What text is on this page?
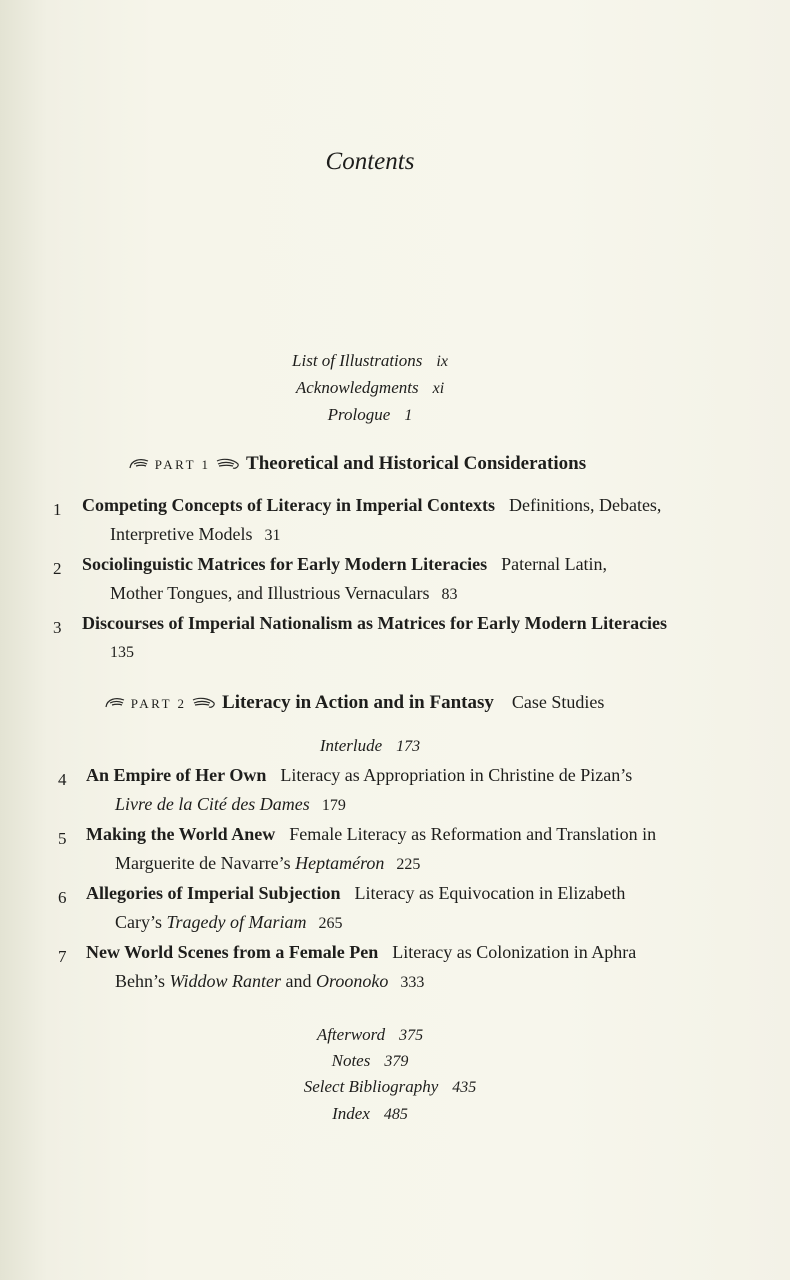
Contents
List of Illustrations ix
Acknowledgments xi
Prologue 1
PART 1 Theoretical and Historical Considerations
1 Competing Concepts of Literacy in Imperial Contexts Definitions, Debates,
Interpretive Models 31
2 Sociolinguistic Matrices for Early Modern Literacies Paternal Latin,
Mother Tongues, and Illustrious Vernaculars 83
3 Discourses of Imperial Nationalism as Matrices for Early Modern Literacies
135
PART 2 Literacy in Action and in Fantasy Case Studies
Interlude 173
4 An Empire of Her Own Literacy as Appropriation in Christine de Pizan’s
Livre de la Cité des Dames 179
5 Making the World Anew Female Literacy as Reformation and Translation in
Marguerite de Navarre’s Heptaméron 225
6 Allegories of Imperial Subjection Literacy as Equivocation in Elizabeth
Cary’s Tragedy of Mariam 265
7 New World Scenes from a Female Pen Literacy as Colonization in Aphra
Behn’s Widdow Ranter and Oroonoko 333
Afterword 375
Notes 379
Select Bibliography 435
Index 485
